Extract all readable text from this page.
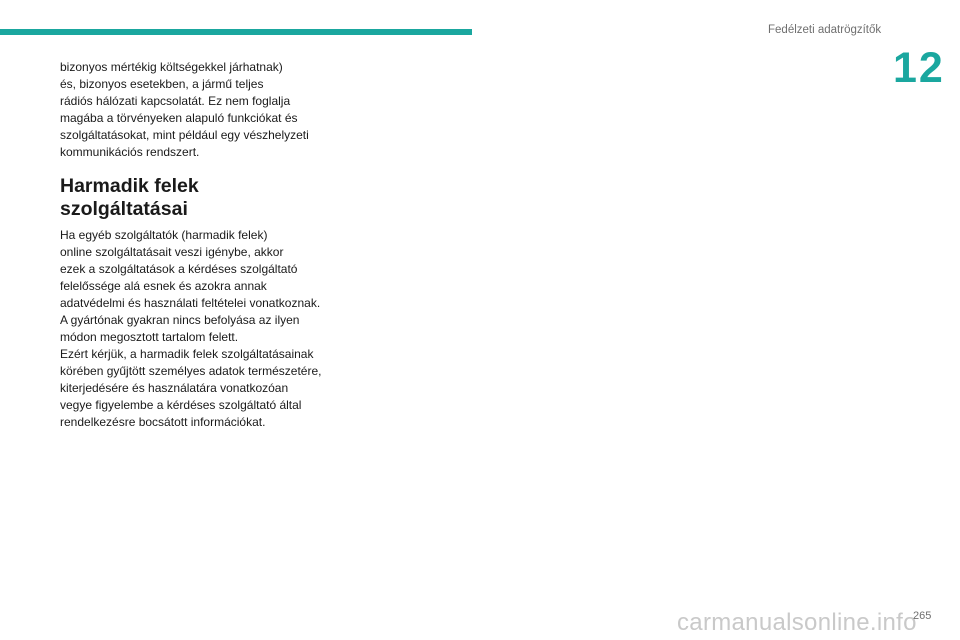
Fedélzeti adatrögzítők
12
bizonyos mértékig költségekkel járhatnak)
és, bizonyos esetekben, a jármű teljes
rádiós hálózati kapcsolatát. Ez nem foglalja
magába a törvényeken alapuló funkciókat és
szolgáltatásokat, mint például egy vészhelyzeti
kommunikációs rendszert.
Harmadik felek
szolgáltatásai
Ha egyéb szolgáltatók (harmadik felek)
online szolgáltatásait veszi igénybe, akkor
ezek a szolgáltatások a kérdéses szolgáltató
felelőssége alá esnek és azokra annak
adatvédelmi és használati feltételei vonatkoznak.
A gyártónak gyakran nincs befolyása az ilyen
módon megosztott tartalom felett.
Ezért kérjük, a harmadik felek szolgáltatásainak
körében gyűjtött személyes adatok természetére,
kiterjedésére és használatára vonatkozóan
vegye figyelembe a kérdéses szolgáltató által
rendelkezésre bocsátott információkat.
carmanualsonline.info
265
